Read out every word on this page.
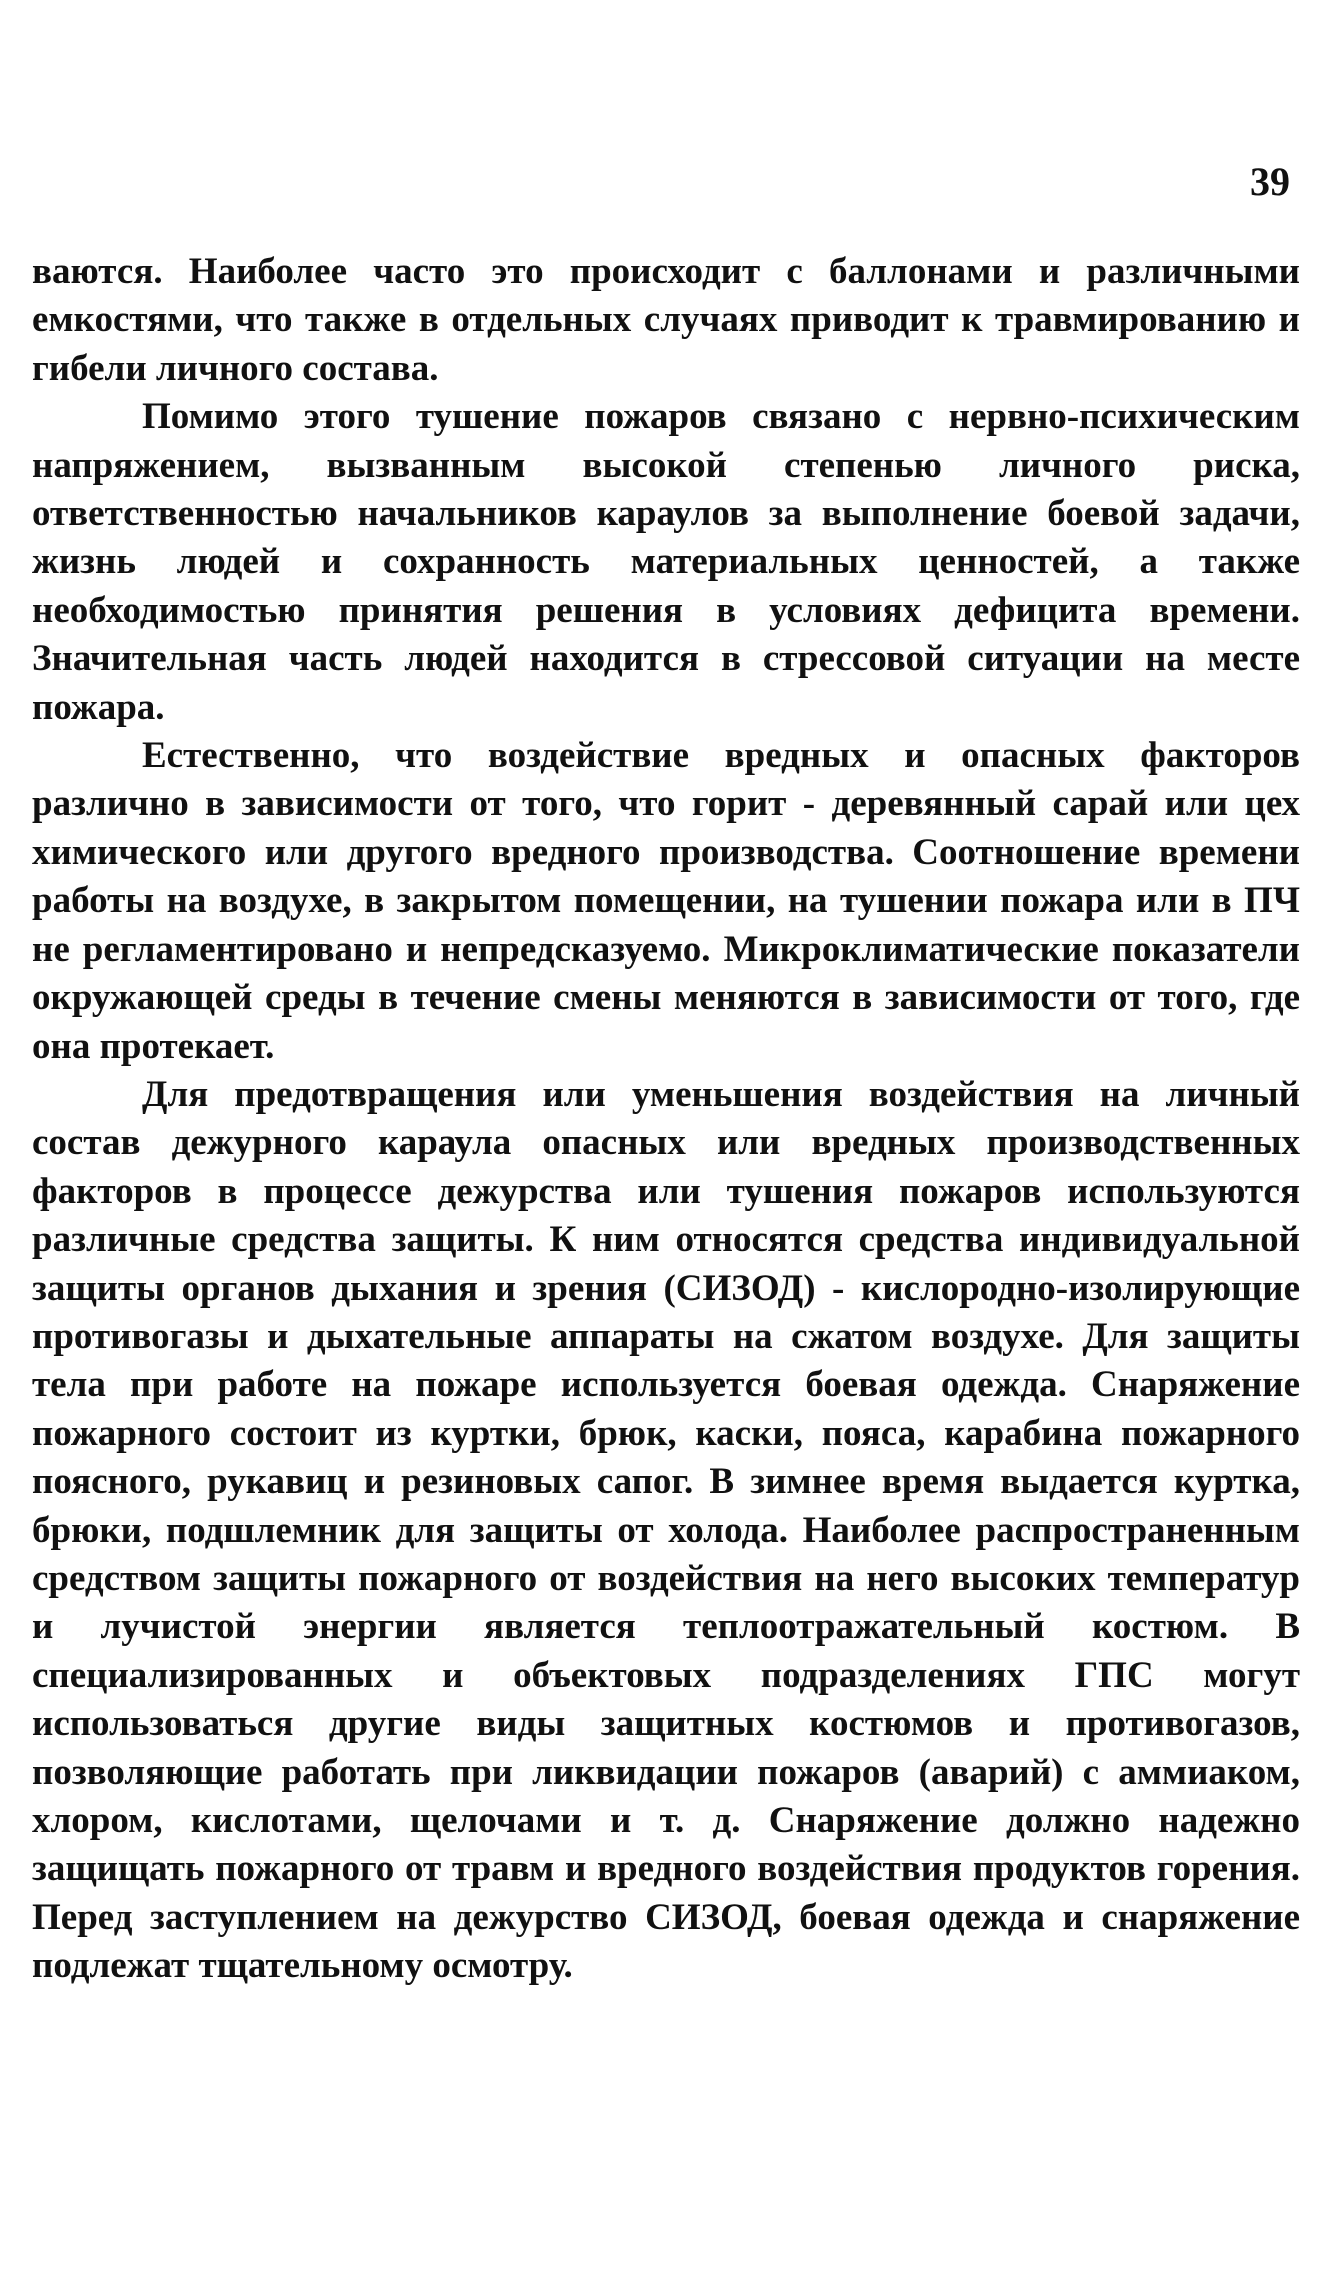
39

ваются. Наиболее часто это происходит с баллонами и различными емкостями, что также в отдельных случаях приводит к травмированию и гибели личного состава.

Помимо этого тушение пожаров связано с нервно-психическим напряжением, вызванным высокой степенью личного риска, ответственностью начальников караулов за выполнение боевой задачи, жизнь людей и сохранность материальных ценностей, а также необходимостью принятия решения в условиях дефицита времени. Значительная часть людей находится в стрессовой ситуации на месте пожара.

Естественно, что воздействие вредных и опасных факторов различно в зависимости от того, что горит - деревянный сарай или цех химического или другого вредного производства. Соотношение времени работы на воздухе, в закрытом помещении, на тушении пожара или в ПЧ не регламентировано и непредсказуемо. Микроклиматические показатели окружающей среды в течение смены меняются в зависимости от того, где она протекает.

Для предотвращения или уменьшения воздействия на личный состав дежурного караула опасных или вредных производственных факторов в процессе дежурства или тушения пожаров используются различные средства защиты. К ним относятся средства индивидуальной защиты органов дыхания и зрения (СИЗОД) - кислородно-изолирующие противогазы и дыхательные аппараты на сжатом воздухе. Для защиты тела при работе на пожаре используется боевая одежда. Снаряжение пожарного состоит из куртки, брюк, каски, пояса, карабина пожарного поясного, рукавиц и резиновых сапог. В зимнее время выдается куртка, брюки, подшлемник для защиты от холода. Наиболее распространенным средством защиты пожарного от воздействия на него высоких температур и лучистой энергии является теплоотражательный костюм. В специализированных и объектовых подразделениях ГПС могут использоваться другие виды защитных костюмов и противогазов, позволяющие работать при ликвидации пожаров (аварий) с аммиаком, хлором, кислотами, щелочами и т. д. Снаряжение должно надежно защищать пожарного от травм и вредного воздействия продуктов горения. Перед заступлением на дежурство СИЗОД, боевая одежда и снаряжение подлежат тщательному осмотру.
